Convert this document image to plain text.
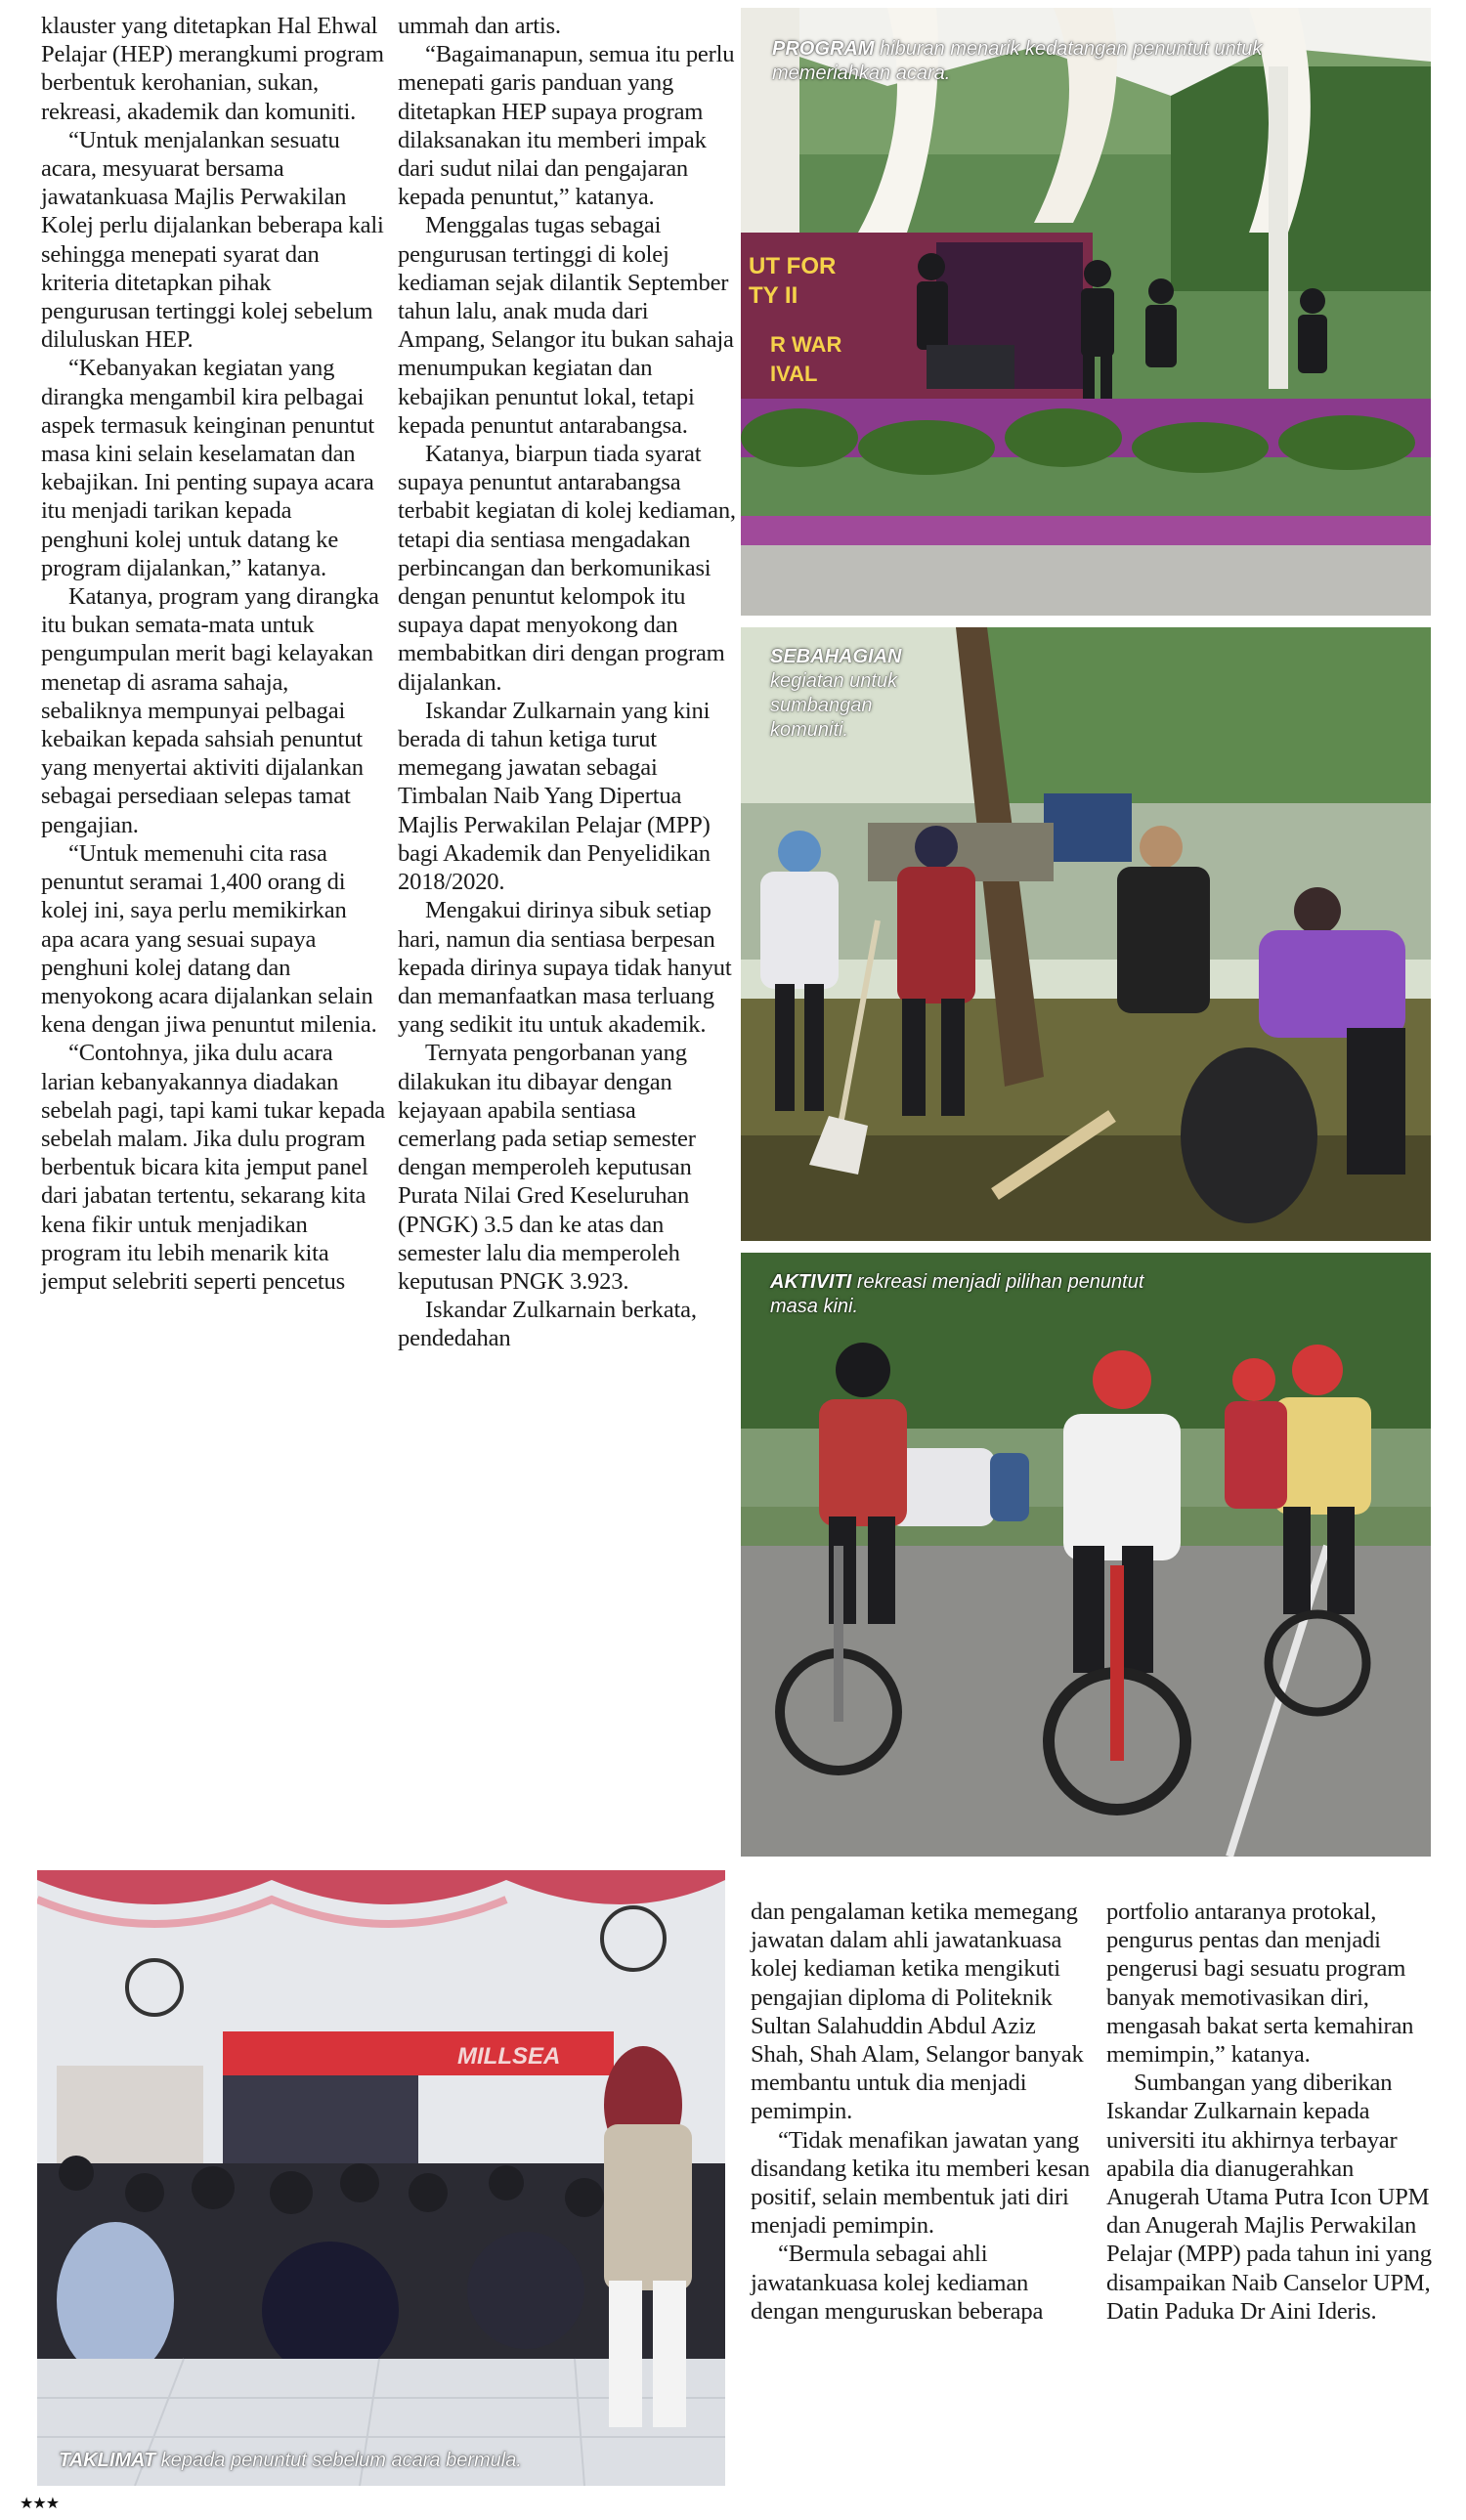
klauster yang ditetapkan Hal Ehwal Pelajar (HEP) merangkumi program berbentuk kerohanian, sukan, rekreasi, akademik dan komuniti.

“Untuk menjalankan sesuatu acara, mesyuarat bersama jawatankuasa Majlis Perwakilan Kolej perlu dijalankan beberapa kali sehingga menepati syarat dan kriteria ditetapkan pihak pengurusan tertinggi kolej sebelum diluluskan HEP.

“Kebanyakan kegiatan yang dirangka mengambil kira pelbagai aspek termasuk keinginan penuntut masa kini selain keselamatan dan kebajikan. Ini penting supaya acara itu menjadi tarikan kepada penghuni kolej untuk datang ke program dijalankan,” katanya.

Katanya, program yang dirangka itu bukan semata-mata untuk pengumpulan merit bagi kelayakan menetap di asrama sahaja, sebaliknya mempunyai pelbagai kebaikan kepada sahsiah penuntut yang menyertai aktiviti dijalankan sebagai persediaan selepas tamat pengajian.

“Untuk memenuhi cita rasa penuntut seramai 1,400 orang di kolej ini, saya perlu memikirkan apa acara yang sesuai supaya penghuni kolej datang dan menyokong acara dijalankan selain kena dengan jiwa penuntut milenia.

“Contohnya, jika dulu acara larian kebanyakannya diadakan sebelah pagi, tapi kami tukar kepada sebelah malam. Jika dulu program berbentuk bicara kita jemput panel dari jabatan tertentu, sekarang kita kena fikir untuk menjadikan program itu lebih menarik kita jemput selebriti seperti pencetus

ummah dan artis.

“Bagaimanapun, semua itu perlu menepati garis panduan yang ditetapkan HEP supaya program dilaksanakan itu memberi impak dari sudut nilai dan pengajaran kepada penuntut,” katanya.

Menggalas tugas sebagai pengurusan tertinggi di kolej kediaman sejak dilantik September tahun lalu, anak muda dari Ampang, Selangor itu bukan sahaja menumpukan kegiatan dan kebajikan penuntut lokal, tetapi kepada penuntut antarabangsa.

Katanya, biarpun tiada syarat supaya penuntut antarabangsa terbabit kegiatan di kolej kediaman, tetapi dia sentiasa mengadakan perbincangan dan berkomunikasi dengan penuntut kelompok itu supaya dapat menyokong dan membabitkan diri dengan program dijalankan.

Iskandar Zulkarnain yang kini berada di tahun ketiga turut memegang jawatan sebagai Timbalan Naib Yang Dipertua Majlis Perwakilan Pelajar (MPP) bagi Akademik dan Penyelidikan 2018/2020.

Mengakui dirinya sibuk setiap hari, namun dia sentiasa berpesan kepada dirinya supaya tidak hanyut dan memanfaatkan masa terluang yang sedikit itu untuk akademik.

Ternyata pengorbanan yang dilakukan itu dibayar dengan kejayaan apabila sentiasa cemerlang pada setiap semester dengan memperoleh keputusan Purata Nilai Gred Keseluruhan (PNGK) 3.5 dan ke atas dan semester lalu dia memperoleh keputusan PNGK 3.923.

Iskandar Zulkarnain berkata, pendedahan

UT FOR
TY II
R WAR
IVAL
PROGRAM hiburan menarik kedatangan penuntut untuk memeriahkan acara.
SEBAHAGIAN
kegiatan untuk sumbangan komuniti.
AKTIVITI rekreasi menjadi pilihan penuntut masa kini.
MILLSEA
TAKLIMAT kepada penuntut sebelum acara bermula.

dan pengalaman ketika memegang jawatan dalam ahli jawatankuasa kolej kediaman ketika mengikuti pengajian diploma di Politeknik Sultan Salahuddin Abdul Aziz Shah, Shah Alam, Selangor banyak membantu untuk dia menjadi pemimpin.

“Tidak menafikan jawatan yang disandang ketika itu memberi kesan positif, selain membentuk jati diri menjadi pemimpin.

“Bermula sebagai ahli jawatankuasa kolej kediaman dengan menguruskan beberapa

portfolio antaranya protokal, pengurus pentas dan menjadi pengerusi bagi sesuatu program banyak memotivasikan diri, mengasah bakat serta kemahiran memimpin,” katanya.

Sumbangan yang diberikan Iskandar Zulkarnain kepada universiti itu akhirnya terbayar apabila dia dianugerahkan Anugerah Utama Putra Icon UPM dan Anugerah Majlis Perwakilan Pelajar (MPP) pada tahun ini yang disampaikan Naib Canselor UPM, Datin Paduka Dr Aini Ideris.

★★★
